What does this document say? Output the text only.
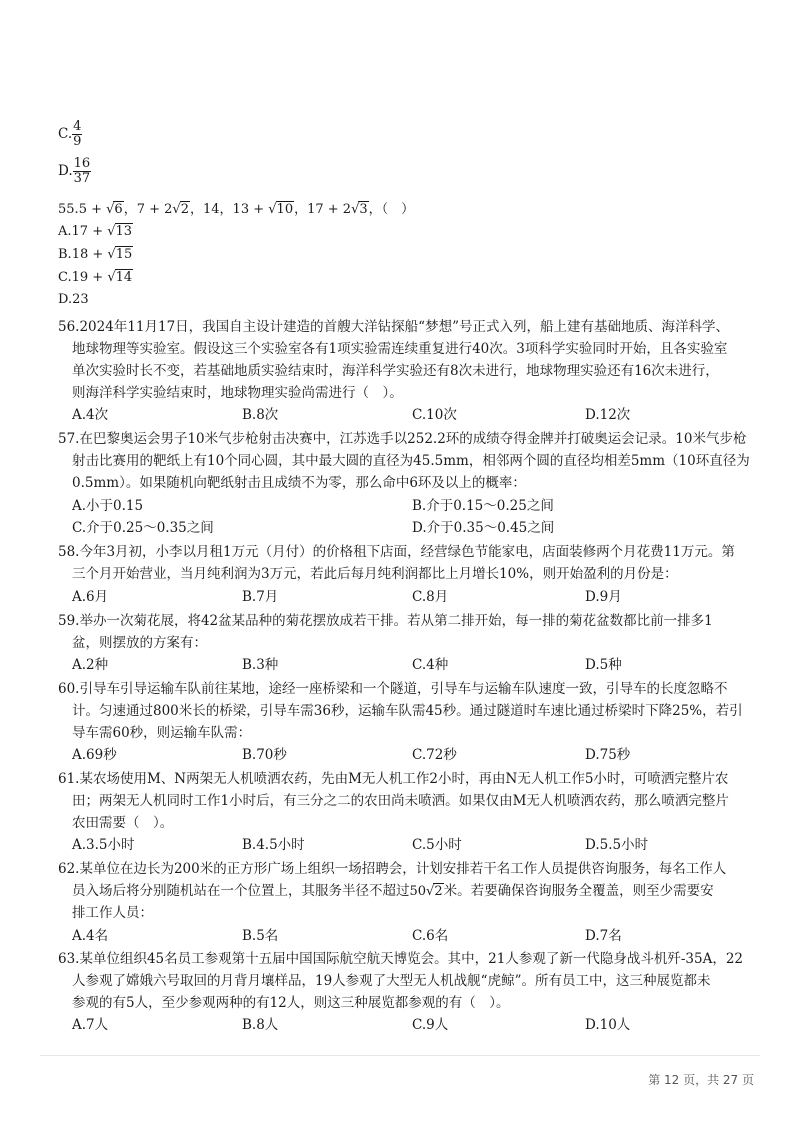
C. $\frac{4}{9}$
D. $\frac{16}{37}$
55.5 + √6，7 + 2√2，14，13 + √10，17 + 2√3，（　）
A.17 + √13
B.18 + √15
C.19 + √14
D.23
56.2024年11月17日，我国自主设计建造的首艘大洋钻探船“梦想”号正式入列，船上建有基础地质、海洋科学、
地球物理等实验室。假设这三个实验室各有1项实验需连续重复进行40次。3项科学实验同时开始，且各实验室
单次实验时长不变，若基础地质实验结束时，海洋科学实验还有8次未进行，地球物理实验还有16次未进行，
则海洋科学实验结束时，地球物理实验尚需进行（　）。
A.4次	B.8次	C.10次	D.12次
57.在巴黎奥运会男子10米气步枪射击决赛中，江苏选手以252.2环的成绩夺得金牌并打破奥运会记录。10米气步枪
射击比赛用的靶纸上有10个同心圆，其中最大圆的直径为45.5mm，相邻两个圆的直径均相差5mm（10环直径为
0.5mm）。如果随机向靶纸射击且成绩不为零，那么命中6环及以上的概率：
A.小于0.15	B.介于0.15～0.25之间
C.介于0.25～0.35之间	D.介于0.35～0.45之间
58.今年3月初，小李以月租1万元（月付）的价格租下店面，经营绿色节能家电，店面装修两个月花费11万元。第
三个月开始营业，当月纯利润为3万元，若此后每月纯利润都比上月增长10%，则开始盈利的月份是：
A.6月	B.7月	C.8月	D.9月
59.举办一次菊花展，将42盆某品种的菊花摆放成若干排。若从第二排开始，每一排的菊花盆数都比前一排多1
盆，则摆放的方案有：
A.2种	B.3种	C.4种	D.5种
60.引导车引导运输车队前往某地，途经一座桥梁和一个隧道，引导车与运输车队速度一致，引导车的长度忽略不
计。匀速通过800米长的桥梁，引导车需36秒，运输车队需45秒。通过隧道时车速比通过桥梁时下降25%，若引
导车需60秒，则运输车队需：
A.69秒	B.70秒	C.72秒	D.75秒
61.某农场使用M、N两架无人机喷洒农药，先由M无人机工作2小时，再由N无人机工作5小时，可喷洒完整片农
田；两架无人机同时工作1小时后，有三分之二的农田尚未喷洒。如果仅由M无人机喷洒农药，那么喷洒完整片
农田需要（　）。
A.3.5小时	B.4.5小时	C.5小时	D.5.5小时
62.某单位在边长为200米的正方形广场上组织一场招聘会，计划安排若干名工作人员提供咨询服务，每名工作人
员入场后将分别随机站在一个位置上，其服务半径不超过50√2米。若要确保咨询服务全覆盖，则至少需要安
排工作人员：
A.4名	B.5名	C.6名	D.7名
63.某单位组织45名员工参观第十五届中国国际航空航天博览会。其中，21人参观了新一代隐身战斗机歼-35A，22
人参观了嫦娥六号取回的月背月壤样品，19人参观了大型无人机战舰“虎鲸”。所有员工中，这三种展览都未
参观的有5人，至少参观两种的有12人，则这三种展览都参观的有（　）。
A.7人	B.8人	C.9人	D.10人
第 12 页，共 27 页
